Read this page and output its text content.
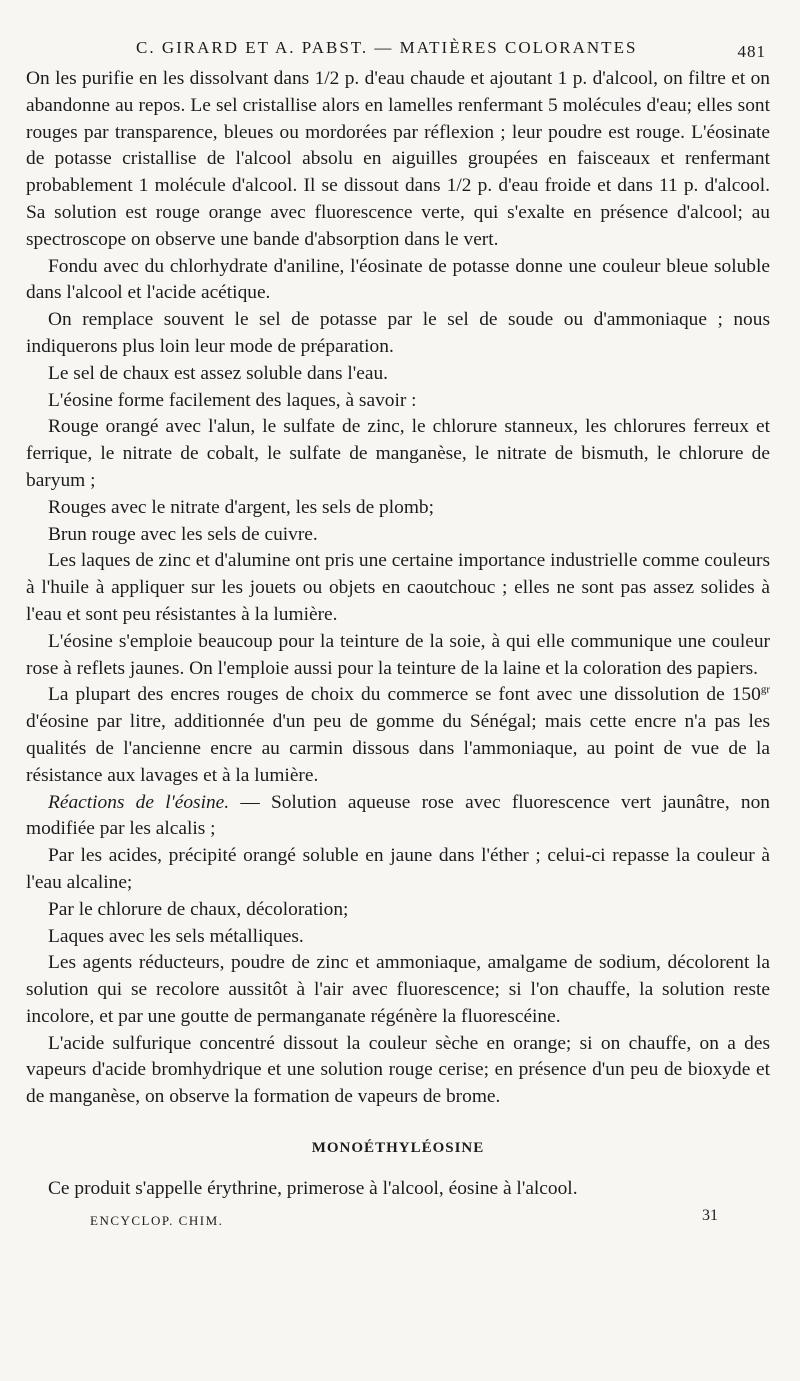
C. GIRARD ET A. PABST. — MATIÈRES COLORANTES	481

On les purifie en les dissolvant dans 1/2 p. d'eau chaude et ajoutant 1 p. d'alcool, on filtre et on abandonne au repos. Le sel cristallise alors en lamelles renfermant 5 molécules d'eau; elles sont rouges par transparence, bleues ou mordorées par réflexion ; leur poudre est rouge. L'éosinate de potasse cristallise de l'alcool absolu en aiguilles groupées en faisceaux et renfermant probablement 1 molécule d'alcool. Il se dissout dans 1/2 p. d'eau froide et dans 11 p. d'alcool. Sa solution est rouge orange avec fluorescence verte, qui s'exalte en présence d'alcool; au spectroscope on observe une bande d'absorption dans le vert.

Fondu avec du chlorhydrate d'aniline, l'éosinate de potasse donne une couleur bleue soluble dans l'alcool et l'acide acétique.

On remplace souvent le sel de potasse par le sel de soude ou d'ammoniaque ; nous indiquerons plus loin leur mode de préparation.

Le sel de chaux est assez soluble dans l'eau.

L'éosine forme facilement des laques, à savoir :

Rouge orangé avec l'alun, le sulfate de zinc, le chlorure stanneux, les chlorures ferreux et ferrique, le nitrate de cobalt, le sulfate de manganèse, le nitrate de bismuth, le chlorure de baryum ;

Rouges avec le nitrate d'argent, les sels de plomb;

Brun rouge avec les sels de cuivre.

Les laques de zinc et d'alumine ont pris une certaine importance industrielle comme couleurs à l'huile à appliquer sur les jouets ou objets en caoutchouc ; elles ne sont pas assez solides à l'eau et sont peu résistantes à la lumière.

L'éosine s'emploie beaucoup pour la teinture de la soie, à qui elle communique une couleur rose à reflets jaunes. On l'emploie aussi pour la teinture de la laine et la coloration des papiers.

La plupart des encres rouges de choix du commerce se font avec une dissolution de $150^{gr}$ d'éosine par litre, additionnée d'un peu de gomme du Sénégal; mais cette encre n'a pas les qualités de l'ancienne encre au carmin dissous dans l'ammoniaque, au point de vue de la résistance aux lavages et à la lumière.

Réactions de l'éosine. — Solution aqueuse rose avec fluorescence vert jaunâtre, non modifiée par les alcalis ;

Par les acides, précipité orangé soluble en jaune dans l'éther ; celui-ci repasse la couleur à l'eau alcaline;

Par le chlorure de chaux, décoloration;

Laques avec les sels métalliques.

Les agents réducteurs, poudre de zinc et ammoniaque, amalgame de sodium, décolorent la solution qui se recolore aussitôt à l'air avec fluorescence; si l'on chauffe, la solution reste incolore, et par une goutte de permanganate régénère la fluorescéine.

L'acide sulfurique concentré dissout la couleur sèche en orange; si on chauffe, on a des vapeurs d'acide bromhydrique et une solution rouge cerise; en présence d'un peu de bioxyde et de manganèse, on observe la formation de vapeurs de brome.

MONOÉTHYLÉOSINE

Ce produit s'appelle érythrine, primerose à l'alcool, éosine à l'alcool.

ENCYCLOP. CHIM.	31
